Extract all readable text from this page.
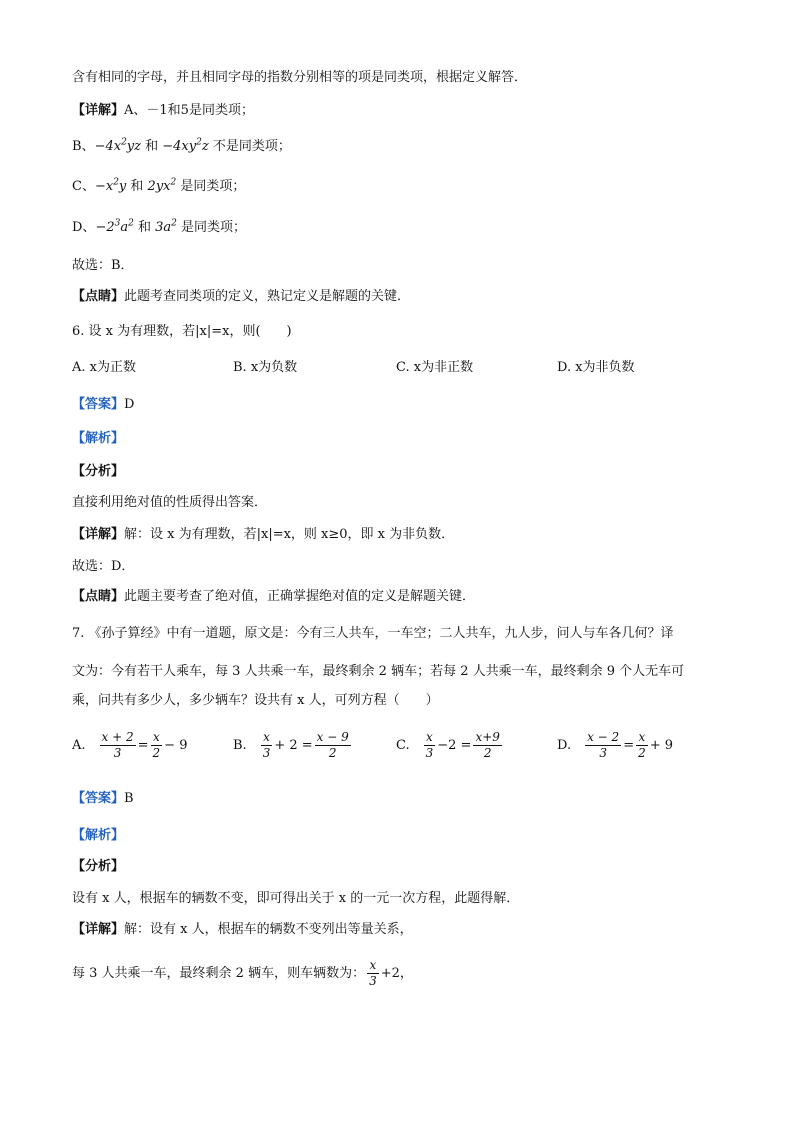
含有相同的字母，并且相同字母的指数分别相等的项是同类项，根据定义解答．
【详解】A、－1和5是同类项；
B、$-4x^2yz$ 和 $-4xy^2z$ 不是同类项；
C、$-x^2y$ 和 $2yx^2$ 是同类项；
D、$-2^3a^2$ 和 $3a^2$ 是同类项；
故选：B．
【点睛】此题考查同类项的定义，熟记定义是解题的关键．
6. 设 x 为有理数，若|x|=x，则(　　)
A. x为正数	B. x为负数	C. x为非正数	D. x为非负数
【答案】D
【解析】
【分析】
直接利用绝对值的性质得出答案．
【详解】解：设 x 为有理数，若|x|=x，则 x≥0，即 x 为非负数．
故选：D．
【点睛】此题主要考查了绝对值，正确掌握绝对值的定义是解题关键．
7. 《孙子算经》中有一道题，原文是：今有三人共车，一车空；二人共车，九人步，问人与车各几何？译
文为：今有若干人乘车，每 3 人共乘一车，最终剩余 2 辆车；若每 2 人共乘一车，最终剩余 9 个人无车可
乘，问共有多少人，多少辆车？设共有 x 人，可列方程（　　）
A. $\frac{x + 2}{3} = \frac{x}{2} - 9$	B. $\frac{x}{3} + 2 = \frac{x - 9}{2}$	C. $\frac{x}{3} -2 = \frac{x+9}{2}$	D. $\frac{x - 2}{3} = \frac{x}{2} + 9$
【答案】B
【解析】
【分析】
设有 x 人，根据车的辆数不变，即可得出关于 x 的一元一次方程，此题得解．
【详解】解：设有 x 人，根据车的辆数不变列出等量关系，
每 3 人共乘一车，最终剩余 2 辆车，则车辆数为： $\frac{x}{3} +2$，
